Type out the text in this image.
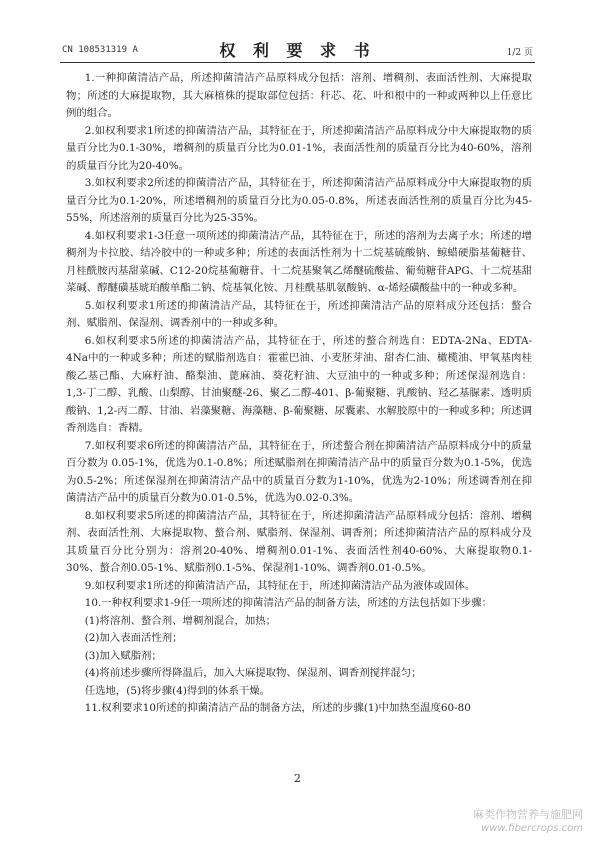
CN 108531319 A	权 利 要 求 书	1/2 页

1.一种抑菌清洁产品，所述抑菌清洁产品原料成分包括：溶剂、增稠剂、表面活性剂、大麻提取物；所述的大麻提取物，其大麻植株的提取部位包括：秆芯、花、叶和根中的一种或两种以上任意比例的组合。

2.如权利要求1所述的抑菌清洁产品，其特征在于，所述抑菌清洁产品原料成分中大麻提取物的质量百分比为0.1-30%，增稠剂的质量百分比为0.01-1%，表面活性剂的质量百分比为40-60%，溶剂的质量百分比为20-40%。

3.如权利要求2所述的抑菌清洁产品，其特征在于，所述抑菌清洁产品原料成分中大麻提取物的质量百分比为0.1-20%，所述增稠剂的质量百分比为0.05-0.8%，所述表面活性剂的质量百分比为45-55%，所述溶剂的质量百分比为25-35%。

4.如权利要求1-3任意一项所述的抑菌清洁产品，其特征在于，所述的溶剂为去离子水；所述的增稠剂为卡拉胶、结冷胶中的一种或多种；所述的表面活性剂为十二烷基硫酸钠、鲸蜡硬脂基葡糖苷、月桂酰胺丙基甜菜碱、C12-20烷基葡糖苷、十二烷基聚氧乙烯醚硫酸盐、葡萄糖苷APG、十二烷基甜菜碱、醇醚磺基琥珀酸单酯二钠、烷基氧化铵、月桂酰基肌氨酸钠、α-烯烃磺酸盐中的一种或多种。

5.如权利要求1所述的抑菌清洁产品，其特征在于，所述抑菌清洁产品的原料成分还包括：螯合剂、赋脂剂、保湿剂、调香剂中的一种或多种。

6.如权利要求5所述的抑菌清洁产品，其特征在于，所述的螯合剂选自：EDTA-2Na、EDTA-4Na中的一种或多种；所述的赋脂剂选自：霍霍巴油、小麦胚芽油、甜杏仁油、橄榄油、甲氧基肉桂酸乙基己酯、大麻籽油、酪梨油、蓖麻油、葵花籽油、大豆油中的一种或多种；所述保湿剂选自：1,3-丁二醇、乳酸、山梨醇、甘油聚醚-26、聚乙二醇-401、β-葡聚糖、乳酸钠、羟乙基脲素、透明质酸钠、1,2-丙二醇、甘油、岩藻聚糖、海藻糖、β-葡聚糖、尿囊素、水解胶原中的一种或多种；所述调香剂选自：香精。

7.如权利要求6所述的抑菌清洁产品，其特征在于，所述螯合剂在抑菌清洁产品原料成分中的质量百分数为 0.05-1%，优选为0.1-0.8%；所述赋脂剂在抑菌清洁产品中的质量百分数为0.1-5%，优选为0.5-2%；所述保湿剂在抑菌清洁产品中的质量百分数为1-10%，优选为2-10%；所述调香剂在抑菌清洁产品中的质量百分数为0.01-0.5%，优选为0.02-0.3%。

8.如权利要求5所述的抑菌清洁产品，其特征在于，所述抑菌清洁产品原料成分包括：溶剂、增稠剂、表面活性剂、大麻提取物、螯合剂、赋脂剂、保湿剂、调香剂；所述抑菌清洁产品的原料成分及其质量百分比分别为：溶剂20-40%、增稠剂0.01-1%、表面活性剂40-60%、大麻提取物0.1-30%、螯合剂0.05-1%、赋脂剂0.1-5%、保湿剂1-10%、调香剂0.01-0.5%。

9.如权利要求1所述的抑菌清洁产品，其特征在于，所述抑菌清洁产品为液体或固体。

10.一种权利要求1-9任一项所述的抑菌清洁产品的制备方法，所述的方法包括如下步骤：

(1)将溶剂、螯合剂、增稠剂混合，加热；

(2)加入表面活性剂；

(3)加入赋脂剂；

(4)将前述步骤所得降温后，加入大麻提取物、保湿剂、调香剂搅拌混匀；

任选地，(5)将步骤(4)得到的体系干燥。

11.权利要求10所述的抑菌清洁产品的制备方法，所述的步骤(1)中加热至温度60-80

2
麻类作物营养与施肥网
www.fibercrops.com
